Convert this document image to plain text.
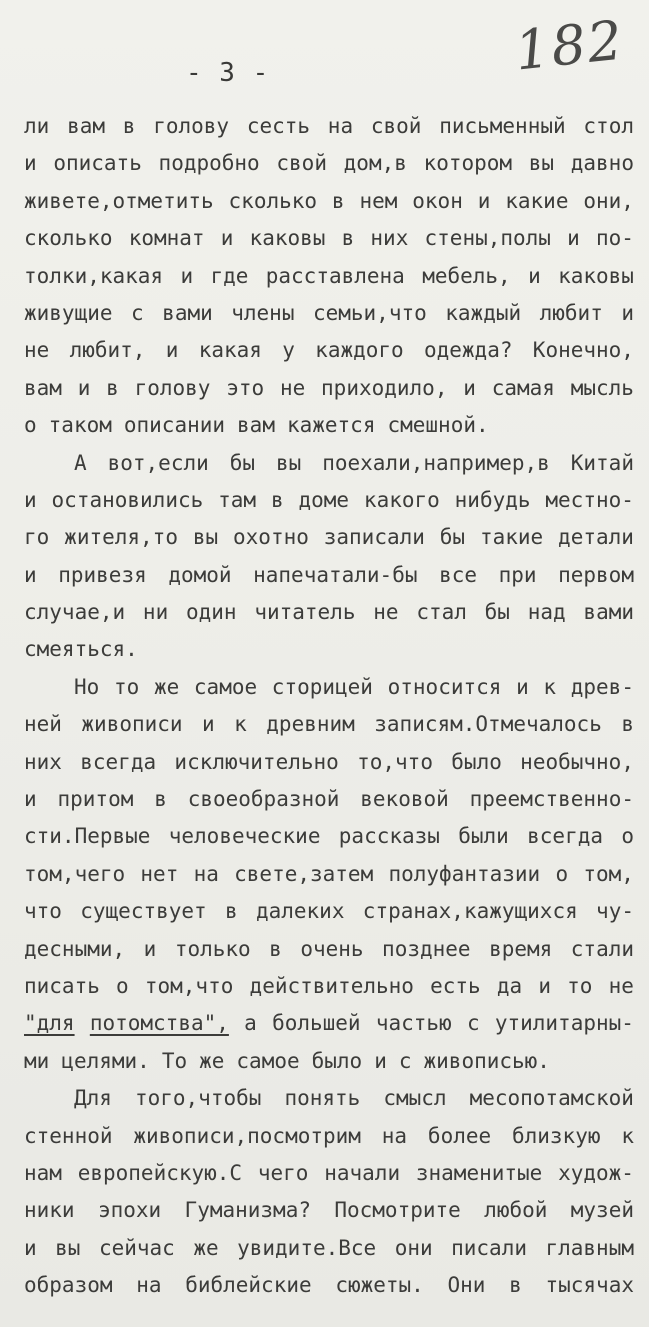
182
- 3 -
ли вам в голову сесть на свой письменный стол
и описать подробно свой дом,в котором вы давно
живете,отметить сколько в нем окон и какие они,
сколько комнат и каковы в них стены,полы и по-
толки,какая и где расставлена мебель, и каковы
живущие с вами члены семьи,что каждый любит и
не любит, и какая у каждого одежда? Конечно,
вам и в голову это не приходило, и самая мысль
о таком описании вам кажется смешной.
А вот,если бы вы поехали,например,в Китай
и остановились там в доме какого нибудь местно-
го жителя,то вы охотно записали бы такие детали
и привезя домой напечатали-бы все при первом
случае,и ни один читатель не стал бы над вами
смеяться.
Но то же самое сторицей относится и к древ-
ней живописи и к древним записям.Отмечалось в
них всегда исключительно то,что было необычно,
и притом в своеобразной вековой преемственно-
сти.Первые человеческие рассказы были всегда о
том,чего нет на свете,затем полуфантазии о том,
что существует в далеких странах,кажущихся чу-
десными, и только в очень позднее время стали
писать о том,что действительно есть да и то не
"для потомства", а большей частью с утилитарны-
ми целями. То же самое было и с живописью.
Для того,чтобы понять смысл месопотамской
стенной живописи,посмотрим на более близкую к
нам европейскую.С чего начали знаменитые худож-
ники эпохи Гуманизма? Посмотрите любой музей
и вы сейчас же увидите.Все они писали главным
образом на библейские сюжеты. Они в тысячах
